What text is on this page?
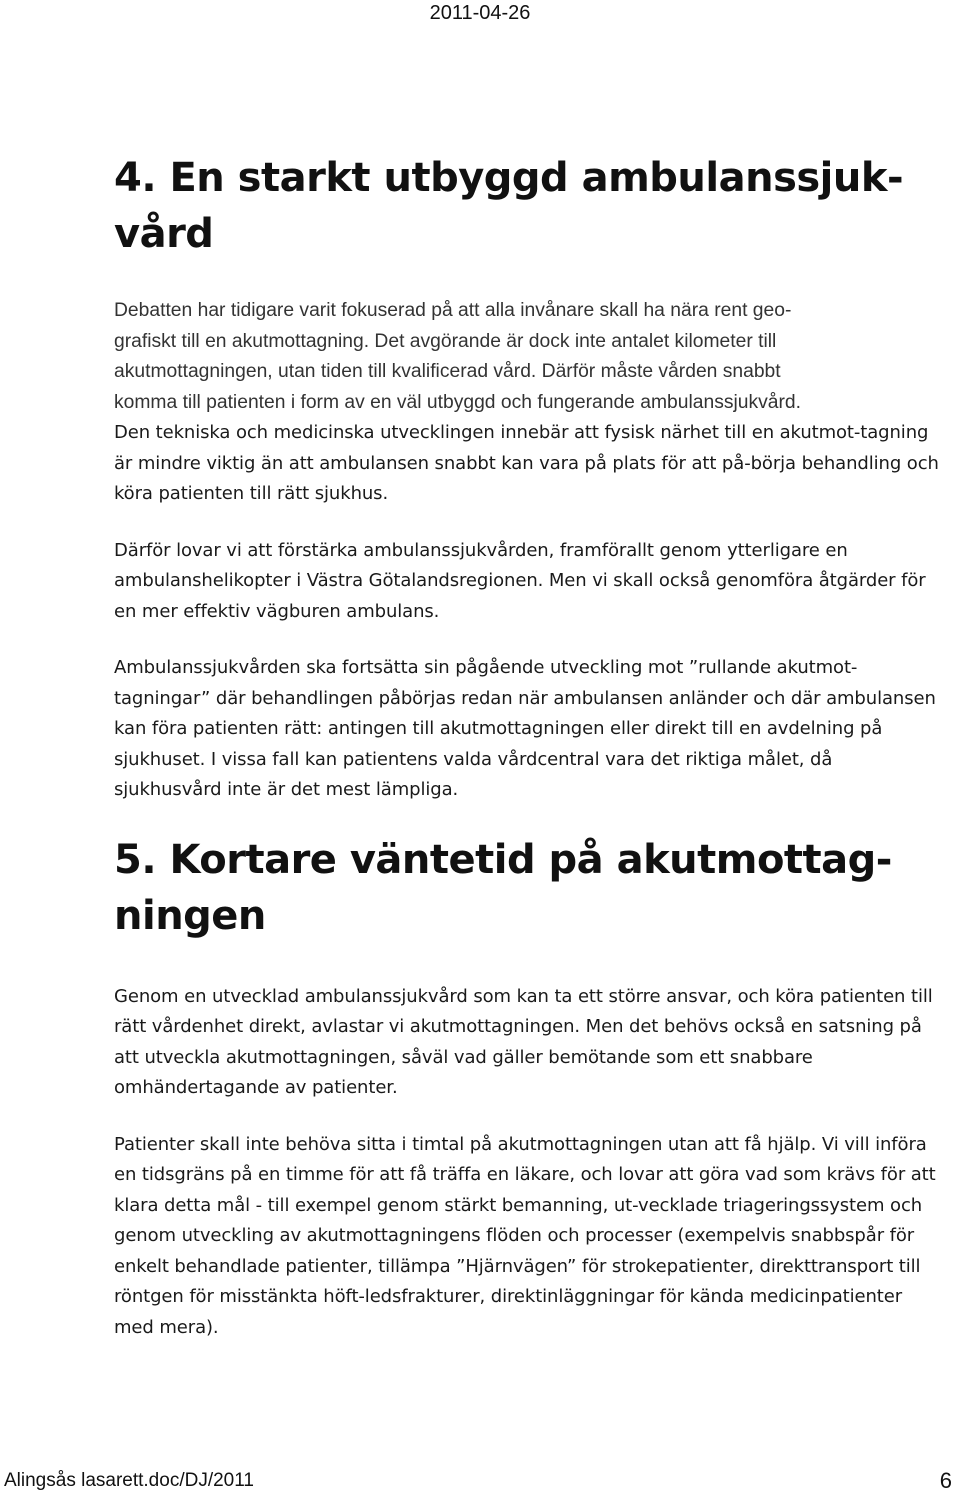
2011-04-26
4. En starkt utbyggd ambulanssjuk-
vård

Debatten har tidigare varit fokuserad på att alla invånare skall ha nära rent geo-

grafiskt till en akutmottagning. Det avgörande är dock inte antalet kilometer till

akutmottagningen, utan tiden till kvalificerad vård. Därför måste vården snabbt

komma till patienten i form av en väl utbyggd och fungerande ambulanssjukvård.

Den tekniska och medicinska utvecklingen innebär att fysisk närhet till en akutmot-tagning är mindre viktig än att ambulansen snabbt kan vara på plats för att på-börja behandling och köra patienten till rätt sjukhus.

Därför lovar vi att förstärka ambulanssjukvården, framförallt genom ytterligare en ambulanshelikopter i Västra Götalandsregionen. Men vi skall också genomföra åtgärder för en mer effektiv vägburen ambulans.

Ambulanssjukvården ska fortsätta sin pågående utveckling mot ”rullande akutmot-tagningar” där behandlingen påbörjas redan när ambulansen anländer och där ambulansen kan föra patienten rätt: antingen till akutmottagningen eller direkt till en avdelning på sjukhuset. I vissa fall kan patientens valda vårdcentral vara det riktiga målet, då sjukhusvård inte är det mest lämpliga.

5. Kortare väntetid på akutmottag-
ningen

Genom en utvecklad ambulanssjukvård som kan ta ett större ansvar, och köra patienten till rätt vårdenhet direkt, avlastar vi akutmottagningen. Men det behövs också en satsning på att utveckla akutmottagningen, såväl vad gäller bemötande som ett snabbare omhändertagande av patienter.

Patienter skall inte behöva sitta i timtal på akutmottagningen utan att få hjälp. Vi vill införa en tidsgräns på en timme för att få träffa en läkare, och lovar att göra vad som krävs för att klara detta mål - till exempel genom stärkt bemanning, ut-vecklade triageringssystem och genom utveckling av akutmottagningens flöden och processer (exempelvis snabbspår för enkelt behandlade patienter, tillämpa ”Hjärnvägen” för strokepatienter, direkttransport till röntgen för misstänkta höft-ledsfrakturer, direktinläggningar för kända medicinpatienter med mera).

Alingsås lasarett.doc/DJ/2011	6
